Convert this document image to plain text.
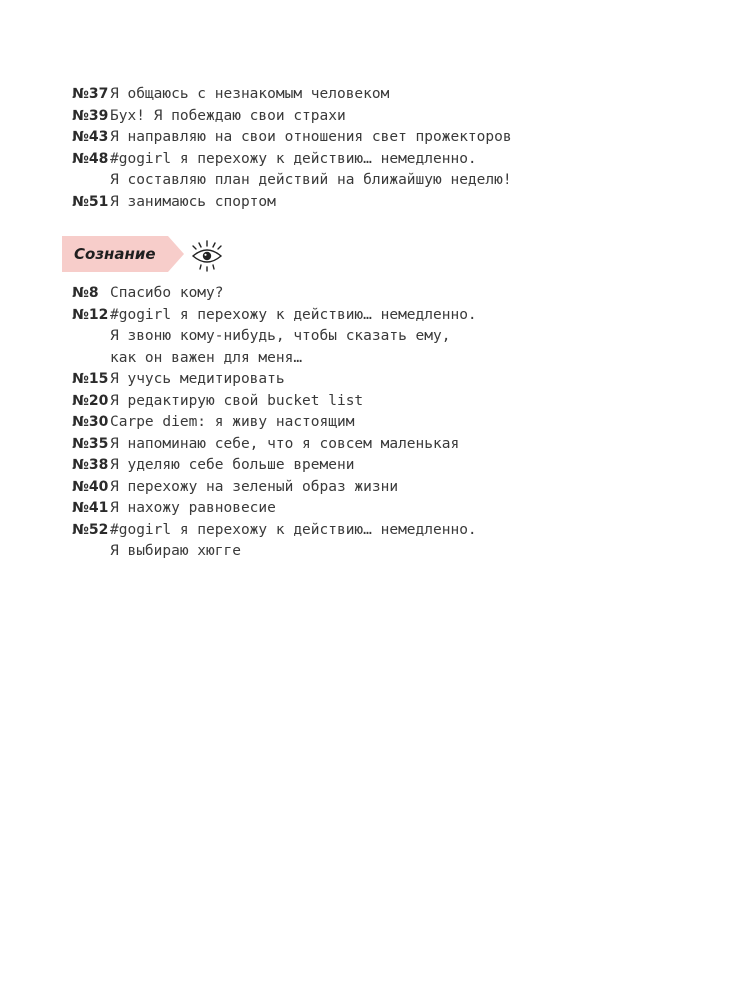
№37 Я общаюсь с незнакомым человеком
№39 Бух! Я побеждаю свои страхи
№43 Я направляю на свои отношения свет прожекторов
№48 #gogirl я перехожу к действию… немедленно.
Я составляю план действий на ближайшую неделю!
№51 Я занимаюсь спортом
Сознание
№8 Спасибо кому?
№12 #gogirl я перехожу к действию… немедленно.
Я звоню кому-нибудь, чтобы сказать ему,
как он важен для меня…
№15 Я учусь медитировать
№20 Я редактирую свой bucket list
№30 Carpe diem: я живу настоящим
№35 Я напоминаю себе, что я совсем маленькая
№38 Я уделяю себе больше времени
№40 Я перехожу на зеленый образ жизни
№41 Я нахожу равновесие
№52 #gogirl я перехожу к действию… немедленно.
Я выбираю хюгге
